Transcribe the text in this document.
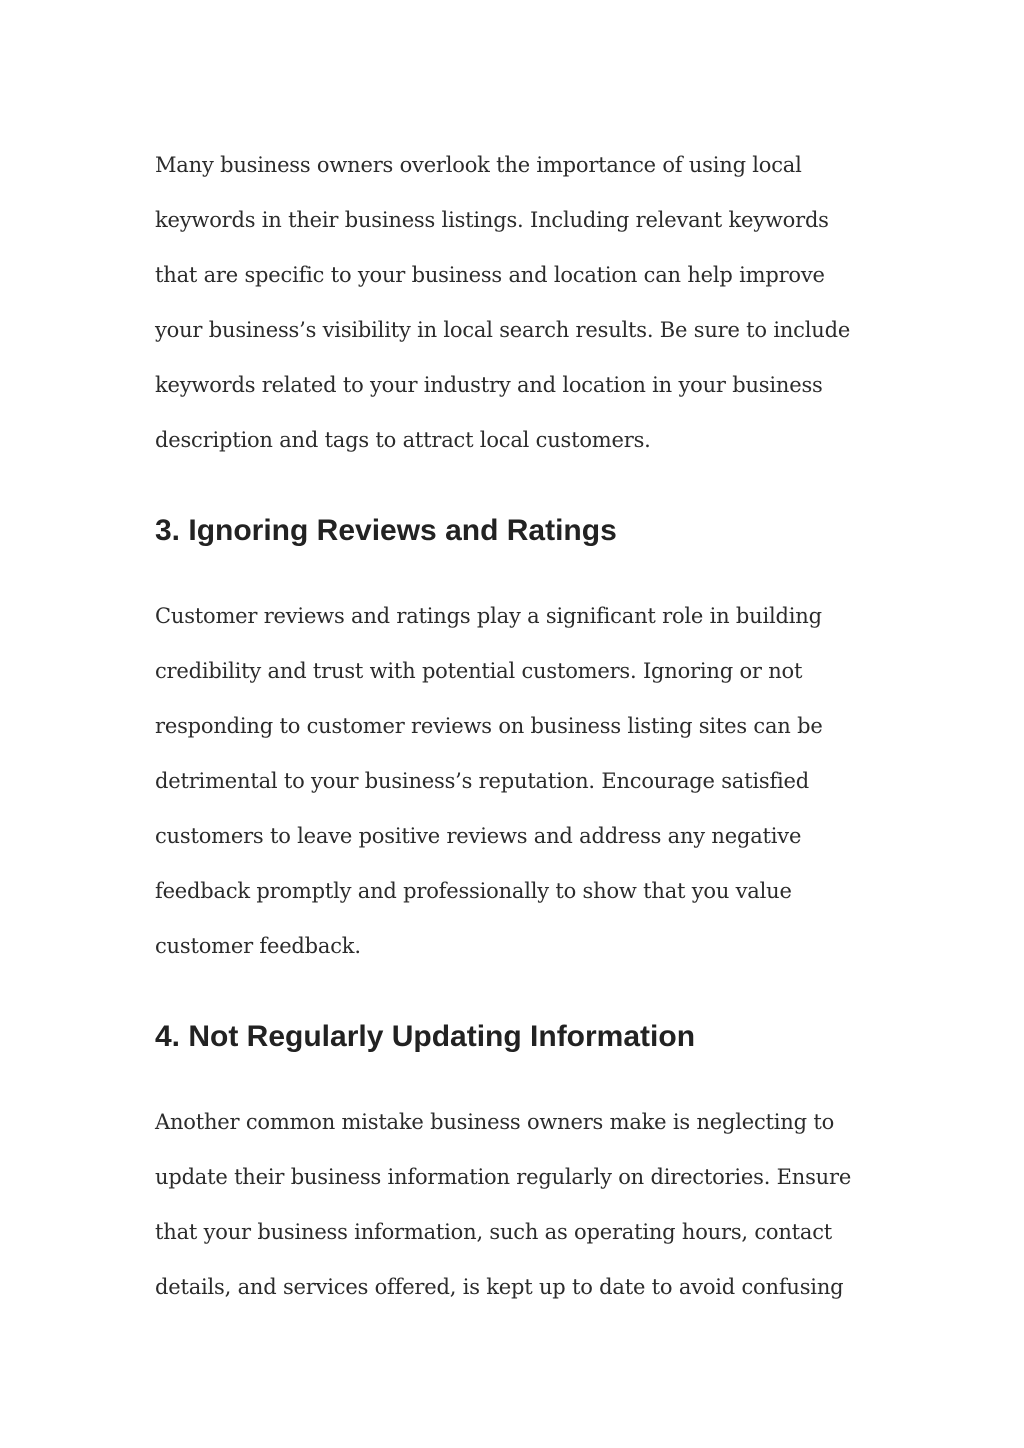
Many business owners overlook the importance of using local keywords in their business listings. Including relevant keywords that are specific to your business and location can help improve your business’s visibility in local search results. Be sure to include keywords related to your industry and location in your business description and tags to attract local customers.

3. Ignoring Reviews and Ratings

Customer reviews and ratings play a significant role in building credibility and trust with potential customers. Ignoring or not responding to customer reviews on business listing sites can be detrimental to your business’s reputation. Encourage satisfied customers to leave positive reviews and address any negative feedback promptly and professionally to show that you value customer feedback.

4. Not Regularly Updating Information

Another common mistake business owners make is neglecting to update their business information regularly on directories. Ensure that your business information, such as operating hours, contact details, and services offered, is kept up to date to avoid confusing
